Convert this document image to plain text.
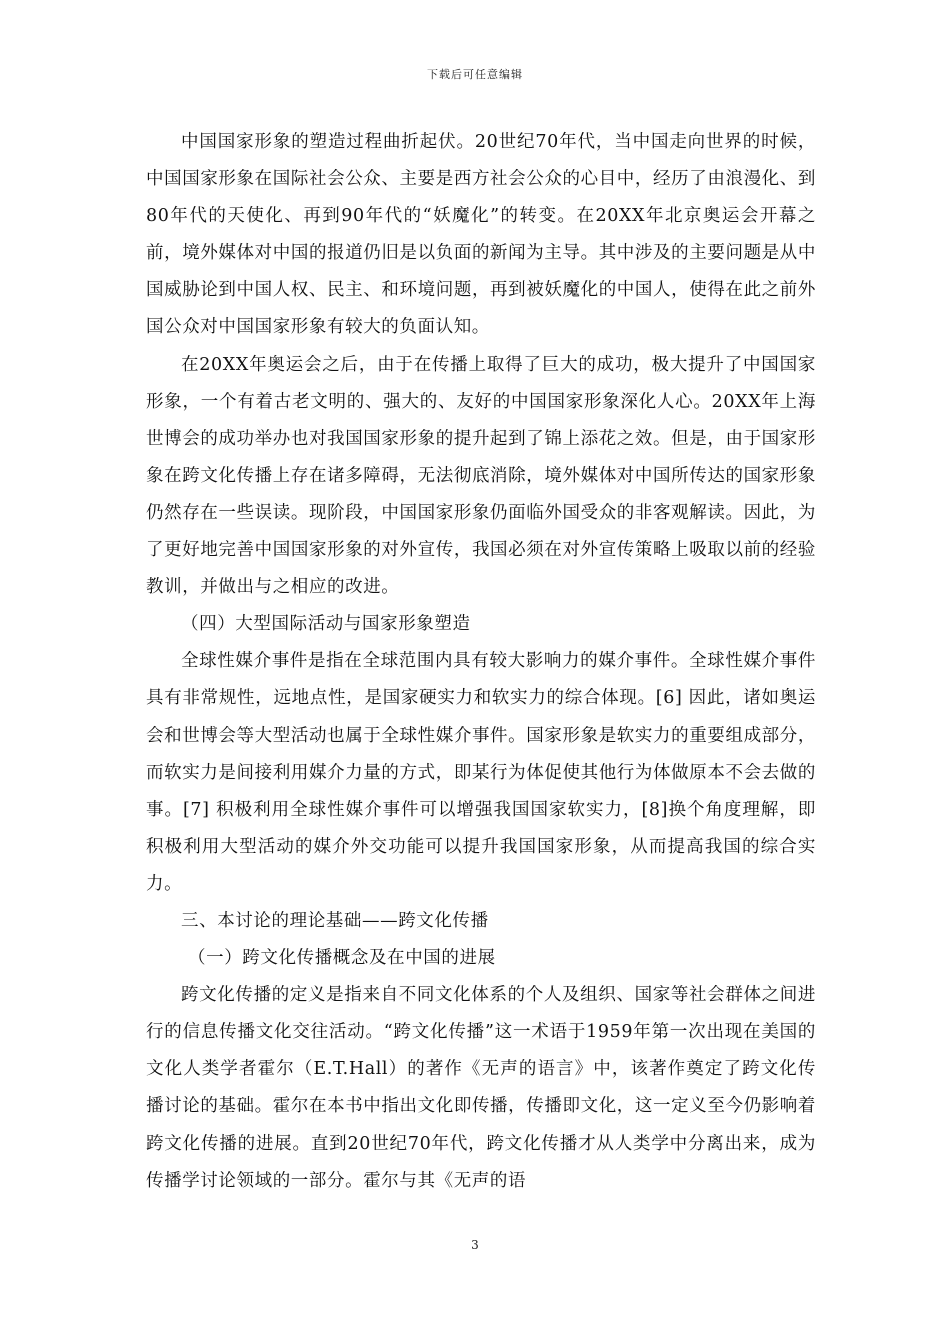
下载后可任意编辑

中国国家形象的塑造过程曲折起伏。20世纪70年代，当中国走向世界的时候，中国国家形象在国际社会公众、主要是西方社会公众的心目中，经历了由浪漫化、到80年代的天使化、再到90年代的“妖魔化”的转变。在20XX年北京奥运会开幕之前，境外媒体对中国的报道仍旧是以负面的新闻为主导。其中涉及的主要问题是从中国威胁论到中国人权、民主、和环境问题，再到被妖魔化的中国人，使得在此之前外国公众对中国国家形象有较大的负面认知。

在20XX年奥运会之后，由于在传播上取得了巨大的成功，极大提升了中国国家形象，一个有着古老文明的、强大的、友好的中国国家形象深化人心。20XX年上海世博会的成功举办也对我国国家形象的提升起到了锦上添花之效。但是，由于国家形象在跨文化传播上存在诸多障碍，无法彻底消除，境外媒体对中国所传达的国家形象仍然存在一些误读。现阶段，中国国家形象仍面临外国受众的非客观解读。因此，为了更好地完善中国国家形象的对外宣传，我国必须在对外宣传策略上吸取以前的经验教训，并做出与之相应的改进。

（四）大型国际活动与国家形象塑造

全球性媒介事件是指在全球范围内具有较大影响力的媒介事件。全球性媒介事件具有非常规性，远地点性，是国家硬实力和软实力的综合体现。[6] 因此，诸如奥运会和世博会等大型活动也属于全球性媒介事件。国家形象是软实力的重要组成部分，而软实力是间接利用媒介力量的方式，即某行为体促使其他行为体做原本不会去做的事。[7] 积极利用全球性媒介事件可以增强我国国家软实力，[8]换个角度理解，即积极利用大型活动的媒介外交功能可以提升我国国家形象，从而提高我国的综合实力。

三、本讨论的理论基础——跨文化传播

（一）跨文化传播概念及在中国的进展

跨文化传播的定义是指来自不同文化体系的个人及组织、国家等社会群体之间进行的信息传播文化交往活动。“跨文化传播”这一术语于1959年第一次出现在美国的文化人类学者霍尔（E.T.Hall）的著作《无声的语言》中，该著作奠定了跨文化传播讨论的基础。霍尔在本书中指出文化即传播，传播即文化，这一定义至今仍影响着跨文化传播的进展。直到20世纪70年代，跨文化传播才从人类学中分离出来，成为传播学讨论领域的一部分。霍尔与其《无声的语

3
